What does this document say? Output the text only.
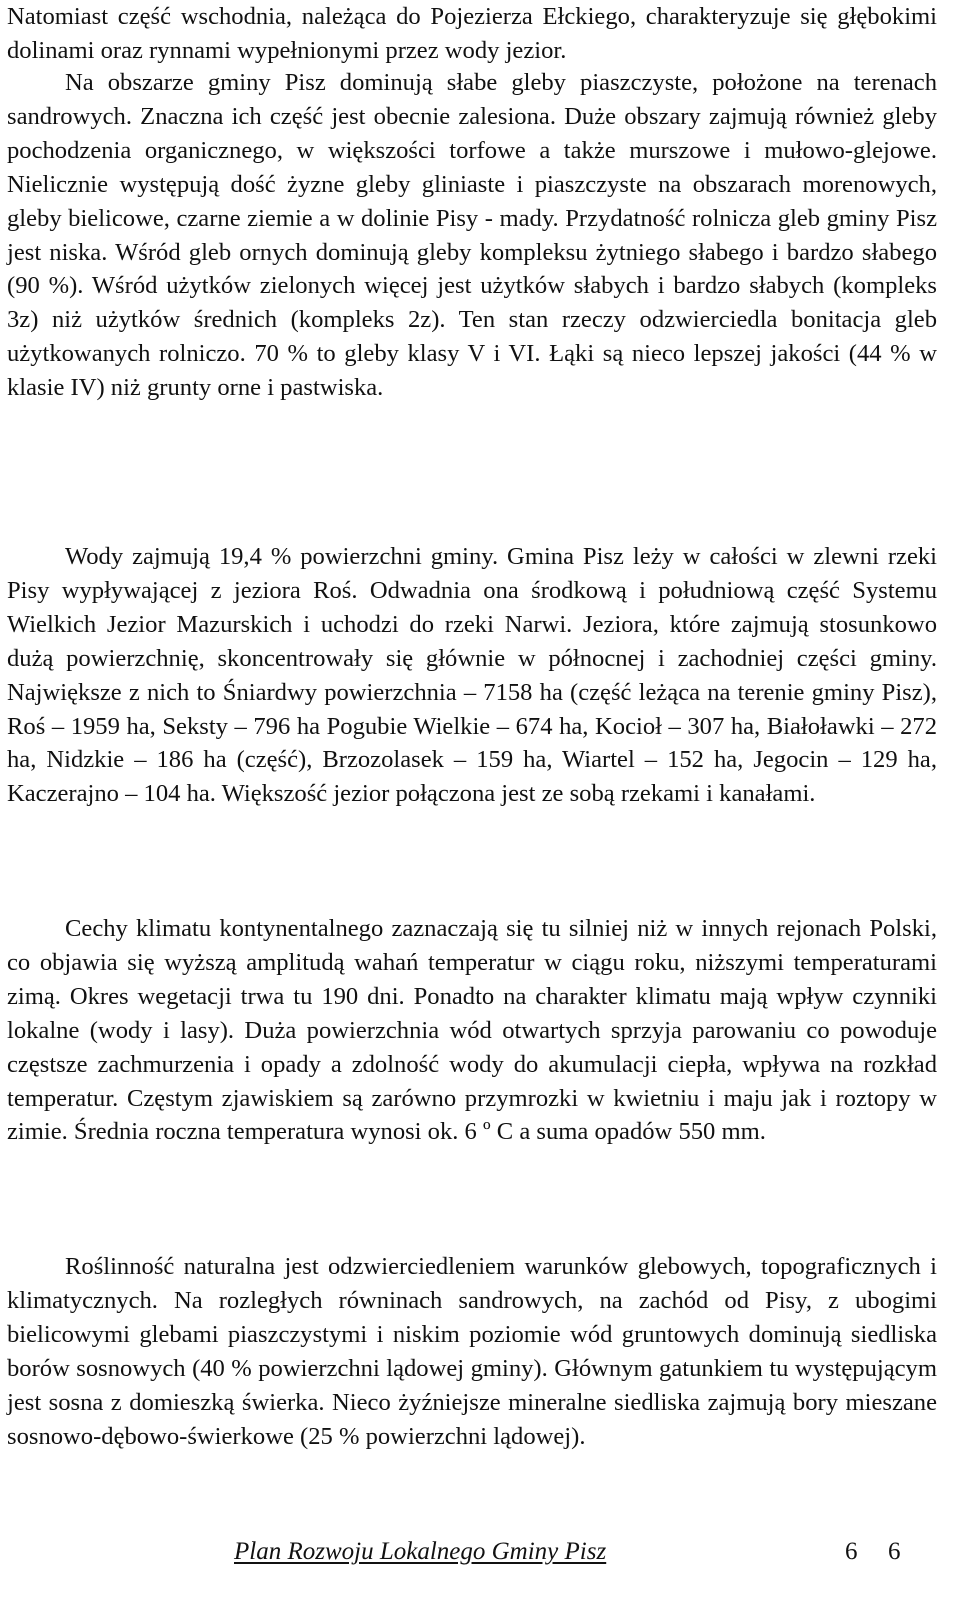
Natomiast część wschodnia, należąca do Pojezierza Ełckiego, charakteryzuje się głębokimi dolinami oraz rynnami wypełnionymi przez wody jezior.

Na obszarze gminy Pisz dominują słabe gleby piaszczyste, położone na terenach sandrowych. Znaczna ich część jest obecnie zalesiona. Duże obszary zajmują również gleby pochodzenia organicznego, w większości torfowe a także murszowe i mułowo-glejowe. Nielicznie występują dość żyzne gleby gliniaste i piaszczyste na obszarach morenowych, gleby bielicowe, czarne ziemie a w dolinie Pisy - mady. Przydatność rolnicza gleb gminy Pisz jest niska. Wśród gleb ornych dominują gleby kompleksu żytniego słabego i bardzo słabego (90 %). Wśród użytków zielonych więcej jest użytków słabych i bardzo słabych (kompleks 3z) niż użytków średnich (kompleks 2z). Ten stan rzeczy odzwierciedla bonitacja gleb użytkowanych rolniczo. 70 % to gleby klasy V i VI. Łąki są nieco lepszej jakości (44 % w klasie IV) niż grunty orne i pastwiska.

Wody zajmują 19,4 % powierzchni gminy. Gmina Pisz leży w całości w zlewni rzeki Pisy wypływającej z jeziora Roś. Odwadnia ona środkową i południową część Systemu Wielkich Jezior Mazurskich i uchodzi do rzeki Narwi. Jeziora, które zajmują stosunkowo dużą powierzchnię, skoncentrowały się głównie w północnej i zachodniej części gminy. Największe z nich to Śniardwy powierzchnia – 7158 ha (część leżąca na terenie gminy Pisz), Roś – 1959 ha, Seksty – 796 ha Pogubie Wielkie – 674 ha, Kocioł – 307 ha, Białoławki – 272 ha, Nidzkie – 186 ha (część), Brzozolasek – 159 ha, Wiartel – 152 ha, Jegocin – 129 ha, Kaczerajno – 104 ha. Większość jezior połączona jest ze sobą rzekami i kanałami.

Cechy klimatu kontynentalnego zaznaczają się tu silniej niż w innych rejonach Polski, co objawia się wyższą amplitudą wahań temperatur w ciągu roku, niższymi temperaturami zimą. Okres wegetacji trwa tu 190 dni. Ponadto na charakter klimatu mają wpływ czynniki lokalne (wody i lasy). Duża powierzchnia wód otwartych sprzyja parowaniu co powoduje częstsze zachmurzenia i opady a zdolność wody do akumulacji ciepła, wpływa na rozkład temperatur. Częstym zjawiskiem są zarówno przymrozki w kwietniu i maju jak i roztopy w zimie. Średnia roczna temperatura wynosi ok. 6 º C a suma opadów 550 mm.

Roślinność naturalna jest odzwierciedleniem warunków glebowych, topograficznych i klimatycznych. Na rozległych równinach sandrowych, na zachód od Pisy, z ubogimi bielicowymi glebami piaszczystymi i niskim poziomie wód gruntowych dominują siedliska borów sosnowych (40 % powierzchni lądowej gminy). Głównym gatunkiem tu występującym jest sosna z domieszką świerka. Nieco żyźniejsze mineralne siedliska zajmują bory mieszane sosnowo-dębowo-świerkowe (25 % powierzchni lądowej).

Plan Rozwoju Lokalnego Gminy Pisz	6 6
